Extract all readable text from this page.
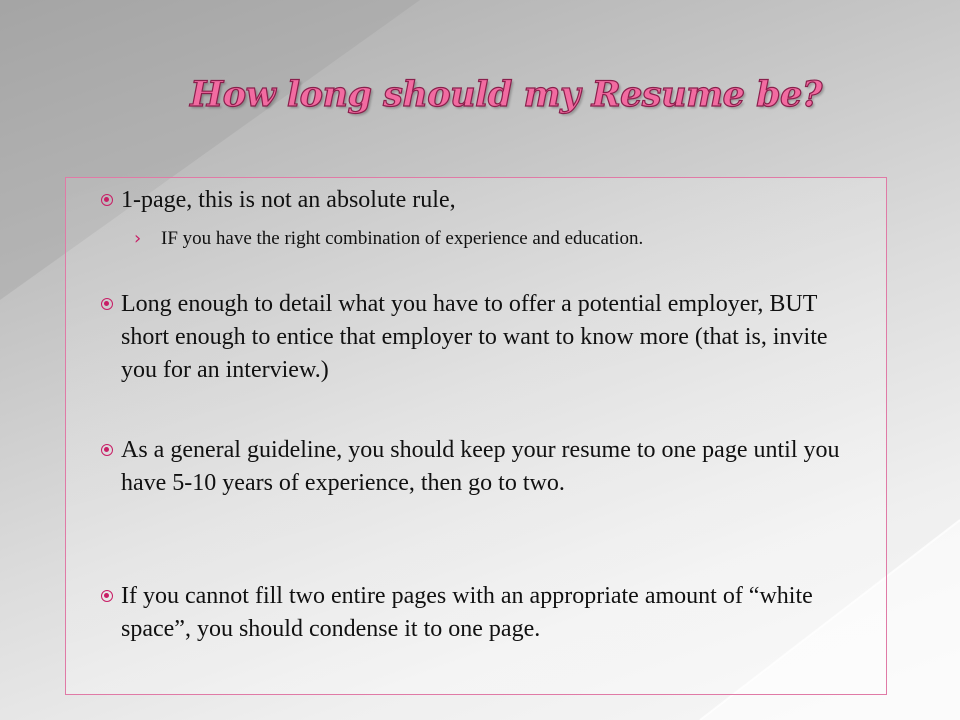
How long should my Resume be?
1-page, this is not an absolute rule,
› IF you have the right combination of experience and education.
Long enough to detail what you have to offer a potential employer, BUT short enough to entice that employer to want to know more (that is, invite you for an interview.)
As a general guideline, you should keep your resume to one page until you have 5-10 years of experience, then go to two.
If you cannot fill two entire pages with an appropriate amount of “white space”, you should condense it to one page.
